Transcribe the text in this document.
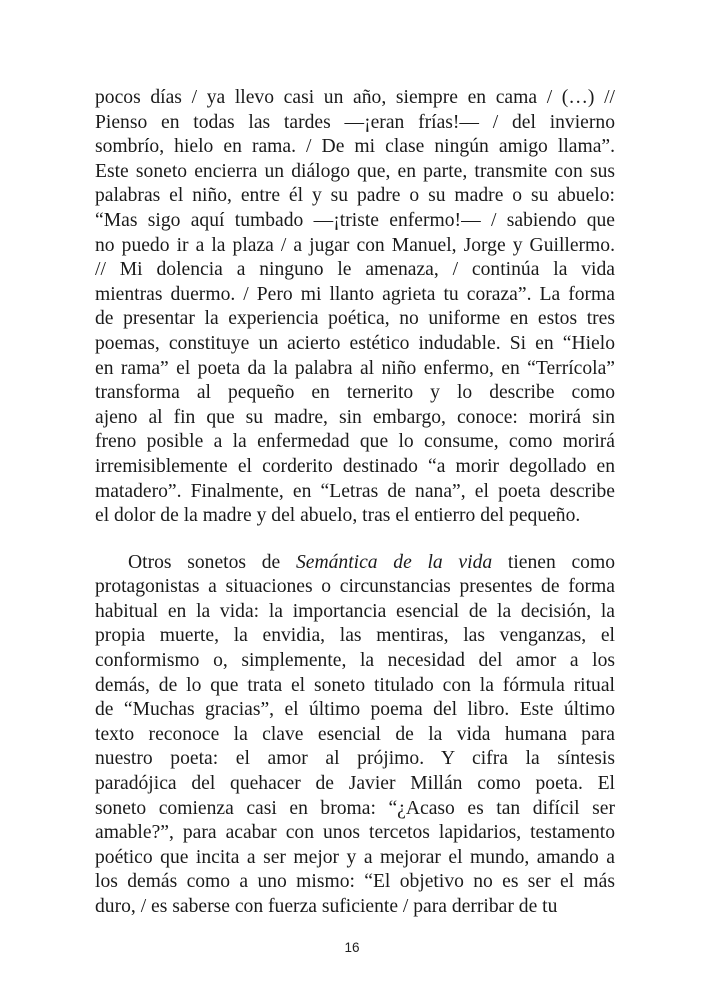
pocos días / ya llevo casi un año, siempre en cama / (…) //
Pienso en todas las tardes —¡eran frías!— / del invierno
sombrío, hielo en rama. / De mi clase ningún amigo llama”.
Este soneto encierra un diálogo que, en parte, transmite con sus
palabras el niño, entre él y su padre o su madre o su abuelo:
“Mas sigo aquí tumbado —¡triste enfermo!— / sabiendo que
no puedo ir a la plaza / a jugar con Manuel, Jorge y Guillermo.
// Mi dolencia a ninguno le amenaza, / continúa la vida
mientras duermo. / Pero mi llanto agrieta tu coraza”. La forma
de presentar la experiencia poética, no uniforme en estos tres
poemas, constituye un acierto estético indudable. Si en “Hielo
en rama” el poeta da la palabra al niño enfermo, en “Terrícola”
transforma al pequeño en ternerito y lo describe como
ajeno al fin que su madre, sin embargo, conoce: morirá sin
freno posible a la enfermedad que lo consume, como morirá
irremisiblemente el corderito destinado “a morir degollado en
matadero”. Finalmente, en “Letras de nana”, el poeta describe
el dolor de la madre y del abuelo, tras el entierro del pequeño.
Otros sonetos de Semántica de la vida tienen como
protagonistas a situaciones o circunstancias presentes de forma
habitual en la vida: la importancia esencial de la decisión, la
propia muerte, la envidia, las mentiras, las venganzas, el
conformismo o, simplemente, la necesidad del amor a los
demás, de lo que trata el soneto titulado con la fórmula ritual
de “Muchas gracias”, el último poema del libro. Este último
texto reconoce la clave esencial de la vida humana para
nuestro poeta: el amor al prójimo. Y cifra la síntesis
paradójica del quehacer de Javier Millán como poeta. El
soneto comienza casi en broma: “¿Acaso es tan difícil ser
amable?”, para acabar con unos tercetos lapidarios, testamento
poético que incita a ser mejor y a mejorar el mundo, amando a
los demás como a uno mismo: “El objetivo no es ser el más
duro, / es saberse con fuerza suficiente / para derribar de tu
16
